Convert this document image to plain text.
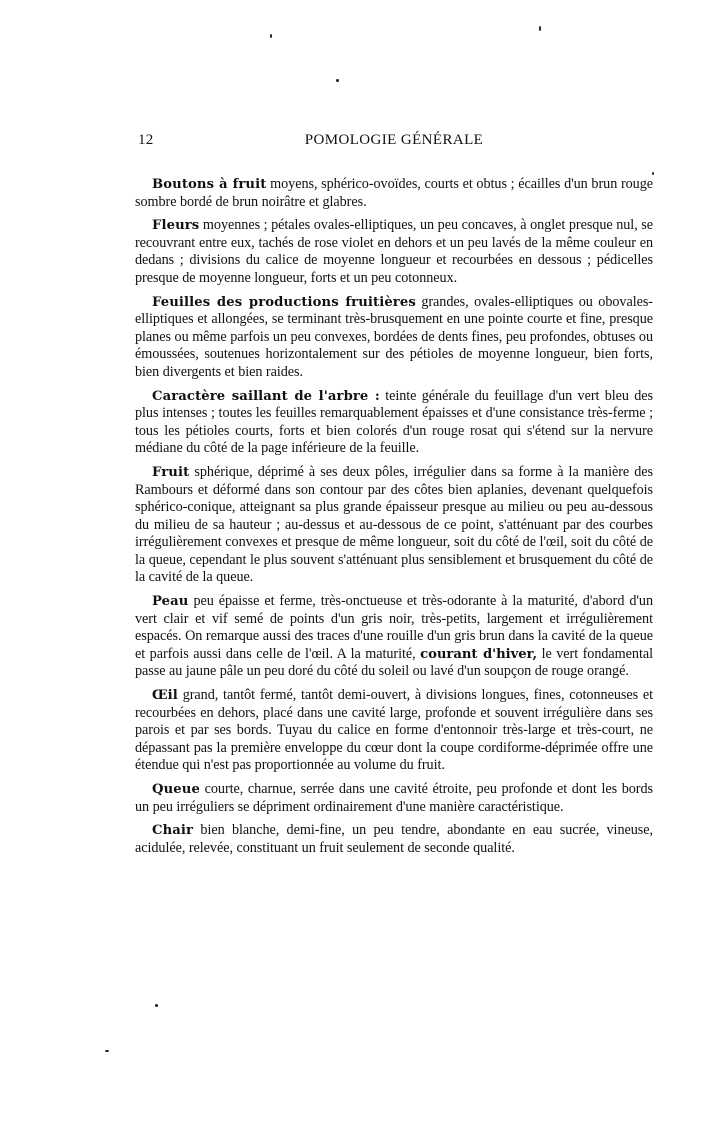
12	POMOLOGIE GÉNÉRALE

Boutons à fruit moyens, sphérico-ovoïdes, courts et obtus ; écailles d'un brun rouge sombre bordé de brun noirâtre et glabres.

Fleurs moyennes ; pétales ovales-elliptiques, un peu concaves, à onglet presque nul, se recouvrant entre eux, tachés de rose violet en dehors et un peu lavés de la même couleur en dedans ; divisions du calice de moyenne longueur et recourbées en dessous ; pédicelles presque de moyenne longueur, forts et un peu cotonneux.

Feuilles des productions fruitières grandes, ovales-elliptiques ou obovales-elliptiques et allongées, se terminant très-brusquement en une pointe courte et fine, presque planes ou même parfois un peu convexes, bordées de dents fines, peu profondes, obtuses ou émoussées, soutenues horizontalement sur des pétioles de moyenne longueur, bien forts, bien divergents et bien raides.

Caractère saillant de l'arbre : teinte générale du feuillage d'un vert bleu des plus intenses ; toutes les feuilles remarquablement épaisses et d'une consistance très-ferme ; tous les pétioles courts, forts et bien colorés d'un rouge rosat qui s'étend sur la nervure médiane du côté de la page inférieure de la feuille.

Fruit sphérique, déprimé à ses deux pôles, irrégulier dans sa forme à la manière des Rambours et déformé dans son contour par des côtes bien aplanies, devenant quelquefois sphérico-conique, atteignant sa plus grande épaisseur presque au milieu ou peu au-dessous du milieu de sa hauteur ; au-dessus et au-dessous de ce point, s'atténuant par des courbes irrégulièrement convexes et presque de même longueur, soit du côté de l'œil, soit du côté de la queue, cependant le plus souvent s'atténuant plus sensiblement et brusquement du côté de la cavité de la queue.

Peau peu épaisse et ferme, très-onctueuse et très-odorante à la maturité, d'abord d'un vert clair et vif semé de points d'un gris noir, très-petits, largement et irrégulièrement espacés. On remarque aussi des traces d'une rouille d'un gris brun dans la cavité de la queue et parfois aussi dans celle de l'œil. A la maturité, courant d'hiver, le vert fondamental passe au jaune pâle un peu doré du côté du soleil ou lavé d'un soupçon de rouge orangé.

Œil grand, tantôt fermé, tantôt demi-ouvert, à divisions longues, fines, cotonneuses et recourbées en dehors, placé dans une cavité large, profonde et souvent irrégulière dans ses parois et par ses bords. Tuyau du calice en forme d'entonnoir très-large et très-court, ne dépassant pas la première enveloppe du cœur dont la coupe cordiforme-déprimée offre une étendue qui n'est pas proportionnée au volume du fruit.

Queue courte, charnue, serrée dans une cavité étroite, peu profonde et dont les bords un peu irréguliers se dépriment ordinairement d'une manière caractéristique.

Chair bien blanche, demi-fine, un peu tendre, abondante en eau sucrée, vineuse, acidulée, relevée, constituant un fruit seulement de seconde qualité.
